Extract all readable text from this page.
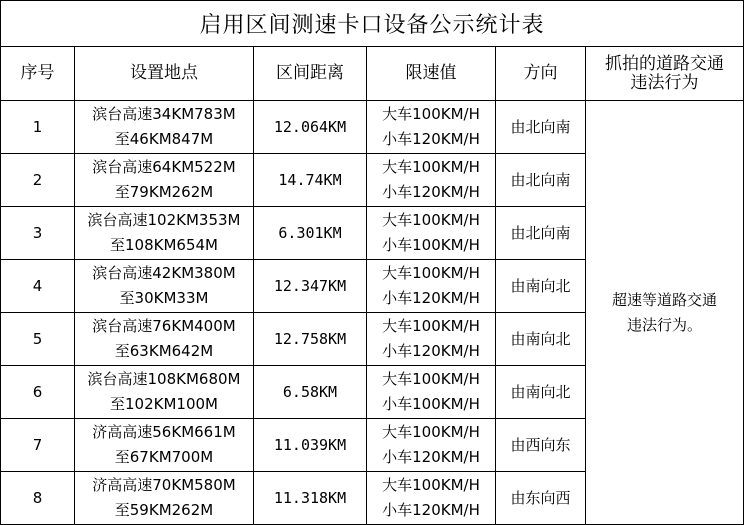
启用区间测速卡口设备公示统计表					
序号	设置地点	区间距离	限速值	方向	抓拍的道路交通
违法行为

1	滨台高速34KM783M
至46KM847M	12.064KM	大车100KM/H
小车120KM/H	由北向南	超速等道路交通
违法行为。

2	滨台高速64KM522M
至79KM262M	14.74KM	大车100KM/H
小车120KM/H	由北向南	
3	滨台高速102KM353M
至108KM654M	6.301KM	大车100KM/H
小车100KM/H	由北向南	
4	滨台高速42KM380M
至30KM33M	12.347KM	大车100KM/H
小车120KM/H	由南向北	
5	滨台高速76KM400M
至63KM642M	12.758KM	大车100KM/H
小车120KM/H	由南向北	
6	滨台高速108KM680M
至102KM100M	6.58KM	大车100KM/H
小车100KM/H	由南向北	
7	济高高速56KM661M
至67KM700M	11.039KM	大车100KM/H
小车120KM/H	由西向东	
8	济高高速70KM580M
至59KM262M	11.318KM	大车100KM/H
小车120KM/H	由东向西	
